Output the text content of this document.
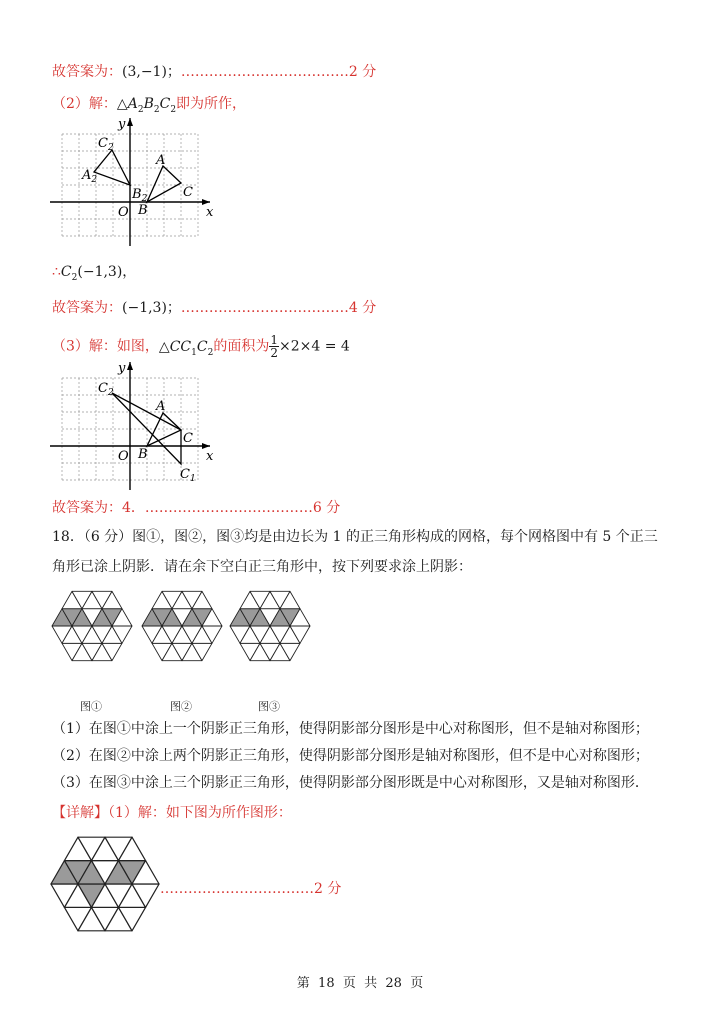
故答案为：(3,−1)；………………………………2 分
（2）解：$\triangle A_2B_2C_2$即为所作，
y
x
O B
A
C
$C_2$
$A_2$
$B_2$
$\therefore C_2(-1,3)$，
故答案为：(−1,3)；………………………………4 分
（3）解：如图，$\triangle CC_1C_2$的面积为 $\frac{1}{2} \times 2\times 4 = 4$
y
x
O B
A
C
$C_1$
$C_2$
故答案为：4．………………………………6 分
18．（6 分）图①，图②，图③均是由边长为 1 的正三角形构成的网格，每个网格图中有 5 个正三
角形已涂上阴影．请在余下空白正三角形中，按下列要求涂上阴影：
图①	图②	图③
（1）在图①中涂上一个阴影正三角形，使得阴影部分图形是中心对称图形，但不是轴对称图形；
（2）在图②中涂上两个阴影正三角形，使得阴影部分图形是轴对称图形，但不是中心对称图形；
（3）在图③中涂上三个阴影正三角形，使得阴影部分图形既是中心对称图形，又是轴对称图形．
【详解】（1）解：如下图为所作图形：
……………………………2 分
第  18  页  共  28  页
